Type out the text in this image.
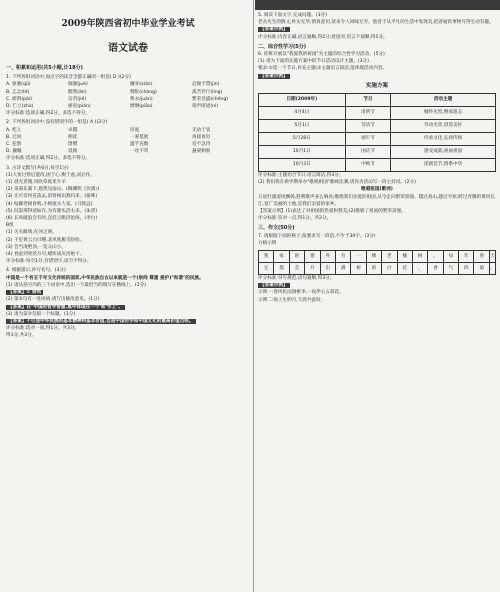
2009年陕西省初中毕业学业考试
语文试卷
一、积累和运用(共5小题,计18分)
1. 下列各组词语中,加点字的读音全都正确的一组是( D )(2分)
A. 驱驰(qū)	倔强(jué)	嫌弃(xián)	忍俊不禁(jìn)
B. 忐忑(tè)	黯然(àn)	惆怅(chàng)	孤苦伶仃(líng)
C. 澎湃(pài)	诘责(jié)	隽永(juàn)	繁荣昌盛(chéng)
D. 伫立(zhù)	骈进(pián)	缥缈(piāo)	销声匿迹(nì)
评分标准:选项正确,得2分。多选不得分。
2. 下列各组词语中,没有错别字的一组是( A )(2分)
A. 屹立	卓越	怪诞	无动于衷
B. 迂回	朗读	一筹莫展	再接再厉
C. 犯愁	馈赠	滥竽充数	迫不急待
D. 颠簸	诋毁	一丝不苟	悬梁刺股
评分标准:选项正确,得2分。多选不得分。
3. 古诗文默写(共6分,每空1分)
(1)人恒过然后能改,困于心,衡于虑,而后作。
(1) 晨光熹微,风吹草低见牛羊
(2) 采菊东篱下,悠然见南山。(陶渊明《饮酒》)
(3) 无可奈何花落去,似曾相识燕归来。(晏殊)
(4) 枯藤老树昏鸦,小桥流水人家。(马致远)
(5) 问渠那得清如许,为有源头活水来。(朱熹)
(6) 长风破浪会有时,直挂云帆济沧海。(李白)
B组
(1) 关关雎鸠,在河之洲。
(2) 千里黄云白日曛,北风吹雁雪纷纷。
(3) 会当凌绝顶,一览众山小。
(4) 春蚕到死丝方尽,蜡炬成灰泪始干。
评分标准:每空1分,有错别字,该空不得分。
4. 根据提示,补写名句。(3分)
中国是一个有五千年文化传统的国家,中华民族自古以来就是一个(崇尚 尊重 爱护)"和谐"的民族。
(1) 请从括号内的三个词语中,选出一个最恰当的填写在横线上。(1分)
【答案】① 崇尚
(2) 第②句有一处语病,请写出修改意见。(1分)
【答案】在"中国的哲学智慧,集中体现在一个'和'字上"。
(3) 请为第③句拟一个标题。(1分)
【答案】不仅是中华民族的基本精神和基本价值,也是中国哲学和中国文化的最高价值目标。
评分标准:选对一项,得1分。共3分。
得1分,共3分。
5. 阅读下面文字,完成问题。(3分)
老舍先生的散文,朴实无华,情真意切,读来令人回味无穷。他善于从平凡的生活中发现美,把普通的事物写得生动有趣。
【答案示例】
评分标准:内容正确,语言通顺,得2分;意思对,语言不通顺,得1分。
二、综合性学习(5分)
6. 你班开展以"我爱我的祖国"为主题的综合性学习活动。(5分)
(1) 请为下面的实施方案中的节日活动设计主题。(3分)
要求:①选一个节日,补充主题;②主题语言简洁,能体现活动内容。
【答案示例】
实施方案
日期(2009年)	节日	活动主题
4月4日	清明节	缅怀先烈,继承遗志
5月1日	劳动节	劳动光荣,创造美好
5月28日	端午节	传承文化,弘扬传统
10月1日	国庆节	感受成就,祝福祖国
10月3日	中秋节	团圆佳节,情系中华
评分标准:主题切合节日,语言简洁,得3分。
(2) 我们班在新学期举办"歌唱祖国"歌咏比赛,请你为活动写一段主持词。(2分)
歌唱祖国(歌词)
五星红旗迎风飘扬,胜利歌声多么响亮,歌唱我们亲爱的祖国,从今走向繁荣富强。越过高山,越过平原,跨过奔腾的黄河长江,宽广美丽的土地,是我们亲爱的家乡。
【答案示例】(1)表达了对祖国的热爱和赞美;(2)歌唱了祖国的繁荣富强。
评分标准:答对一点,得1分。共2分。
三、作文(50分)
7. 请根据下面的格子,按要求写一段话,不少于30字。(3分)
方格示例
我	家	的	窗	外	有	一	棵	老	槐	树	。	每	年	春	天
它	都	会	开	出	满	树	的	白	花	，	香	气	四	溢	。
评分标准:书写规范,语句通顺,得3分。
【答案示例】
示例一:春风化雨润桃李,一夜伴心五彩花。
示例二:海上生明月,天涯共此时。
